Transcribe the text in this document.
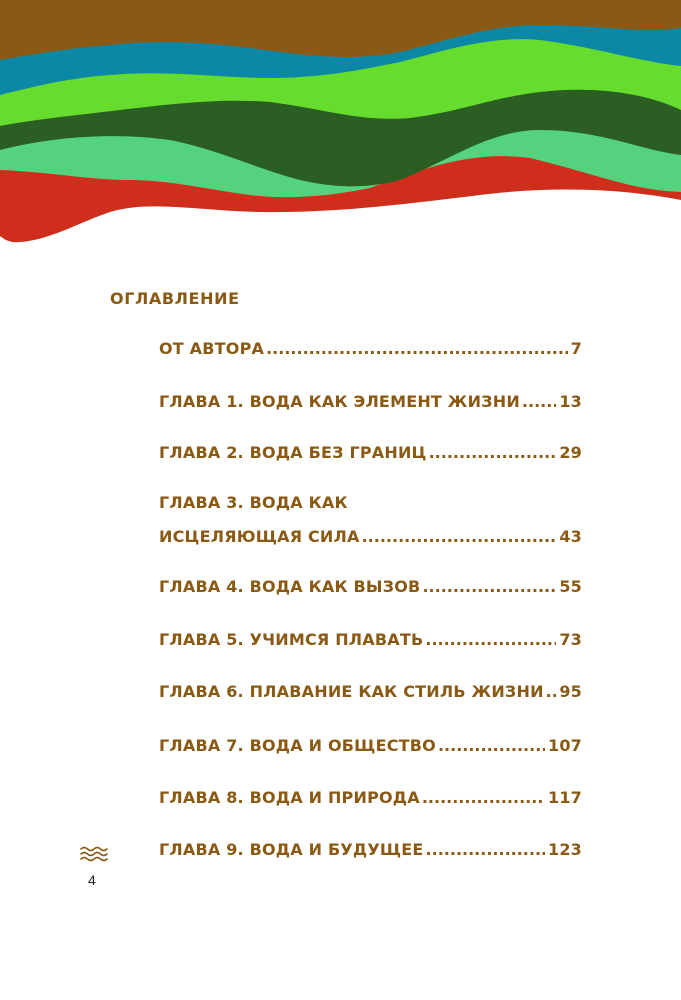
ОГЛАВЛЕНИЕ

ОТ АВТОРА .....	7
ГЛАВА 1. ВОДА КАК ЭЛЕМЕНТ ЖИЗНИ ..... 13
ГЛАВА 2. ВОДА БЕЗ ГРАНИЦ .....	29
ГЛАВА 3. ВОДА КАК
ИСЦЕЛЯЮЩАЯ СИЛА .....	43
ГЛАВА 4. ВОДА КАК ВЫЗОВ .....	55
ГЛАВА 5. УЧИМСЯ ПЛАВАТЬ .....	73
ГЛАВА 6. ПЛАВАНИЕ КАК СТИЛЬ ЖИЗНИ ..... 95
ГЛАВА 7. ВОДА И ОБЩЕСТВО .....	107
ГЛАВА 8. ВОДА И ПРИРОДА .....	117
ГЛАВА 9. ВОДА И БУДУЩЕЕ .....	123

4
